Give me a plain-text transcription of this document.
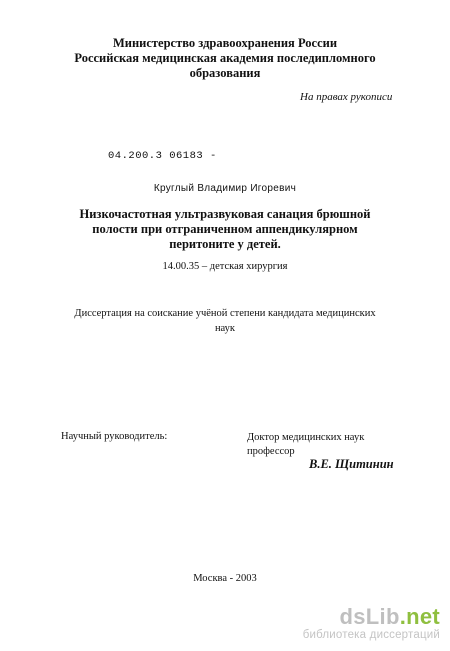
Министерство здравоохранения России
Российская медицинская академия последипломного
образования
На правах рукописи
04.200.3 06183 -
Круглый Владимир Игоревич
Низкочастотная ультразвуковая санация брюшной
полости при отграниченном аппендикулярном
перитоните у детей.
14.00.35 – детская хирургия
Диссертация на соискание учёной степени кандидата медицинских
наук
Научный руководитель:	Доктор медицинских наук
профессор
В.Е. Щитинин
Москва - 2003
dsLib.net
библиотека диссертаций
